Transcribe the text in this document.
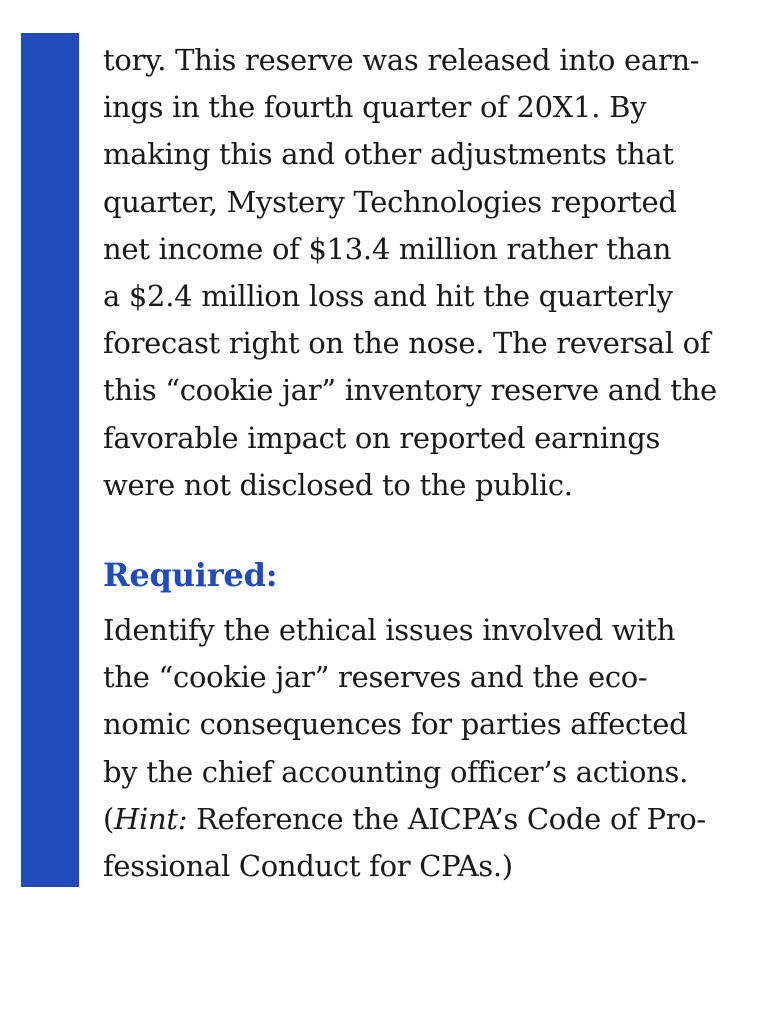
tory. This reserve was released into earn-
ings in the fourth quarter of 20X1. By
making this and other adjustments that
quarter, Mystery Technologies reported
net income of $13.4 million rather than
a $2.4 million loss and hit the quarterly
forecast right on the nose. The reversal of
this “cookie jar” inventory reserve and the
favorable impact on reported earnings
were not disclosed to the public.
Required:
Identify the ethical issues involved with
the “cookie jar” reserves and the eco-
nomic consequences for parties affected
by the chief accounting officer’s actions.
(Hint: Reference the AICPA’s Code of Pro-
fessional Conduct for CPAs.)
